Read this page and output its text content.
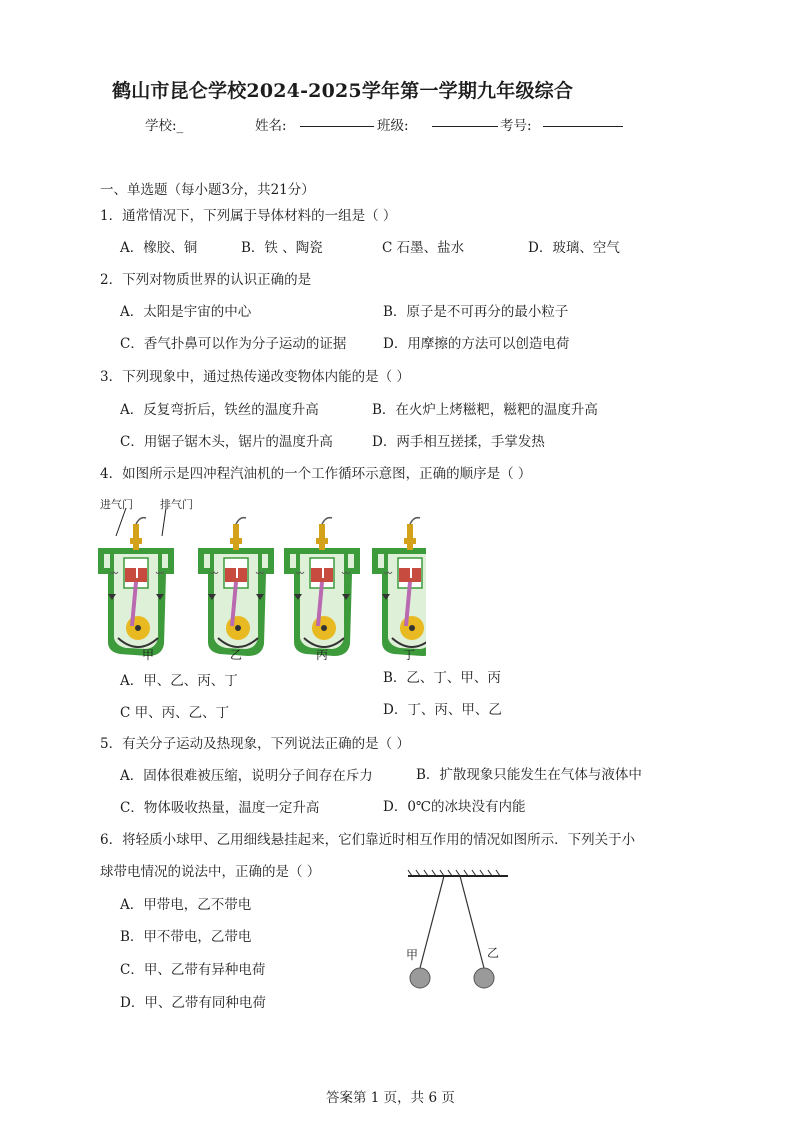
鹤山市昆仑学校2024-2025学年第一学期九年级综合
学校:_	姓名:	班级:	考号:
一、单选题（每小题3分，共21分）
1．通常情况下，下列属于导体材料的一组是（ ）
A．橡胶、铜	B．铁 、陶瓷	C 石墨、盐水	D．玻璃、空气
2．下列对物质世界的认识正确的是
A．太阳是宇宙的中心	B．原子是不可再分的最小粒子
C．香气扑鼻可以作为分子运动的证据	D．用摩擦的方法可以创造电荷
3．下列现象中，通过热传递改变物体内能的是（ ）
A．反复弯折后，铁丝的温度升高	B．在火炉上烤糍粑，糍粑的温度升高
C．用锯子锯木头，锯片的温度升高	D．两手相互搓揉，手掌发热
4．如图所示是四冲程汽油机的一个工作循环示意图，正确的顺序是（ ）
进气门 排气门
甲	乙	丙	丁
A．甲、乙、丙、丁	B．乙、丁、甲、丙
C 甲、丙、乙、丁	D．丁、丙、甲、乙
5．有关分子运动及热现象，下列说法正确的是（ ）
A．固体很难被压缩，说明分子间存在斥力	B．扩散现象只能发生在气体与液体中
C．物体吸收热量，温度一定升高	D．0℃的冰块没有内能
6．将轻质小球甲、乙用细线悬挂起来，它们靠近时相互作用的情况如图所示．下列关于小
球带电情况的说法中，正确的是（ ）
A．甲带电，乙不带电
B．甲不带电，乙带电
C．甲、乙带有异种电荷
D．甲、乙带有同种电荷
甲	乙
答案第 1 页，共 6 页
